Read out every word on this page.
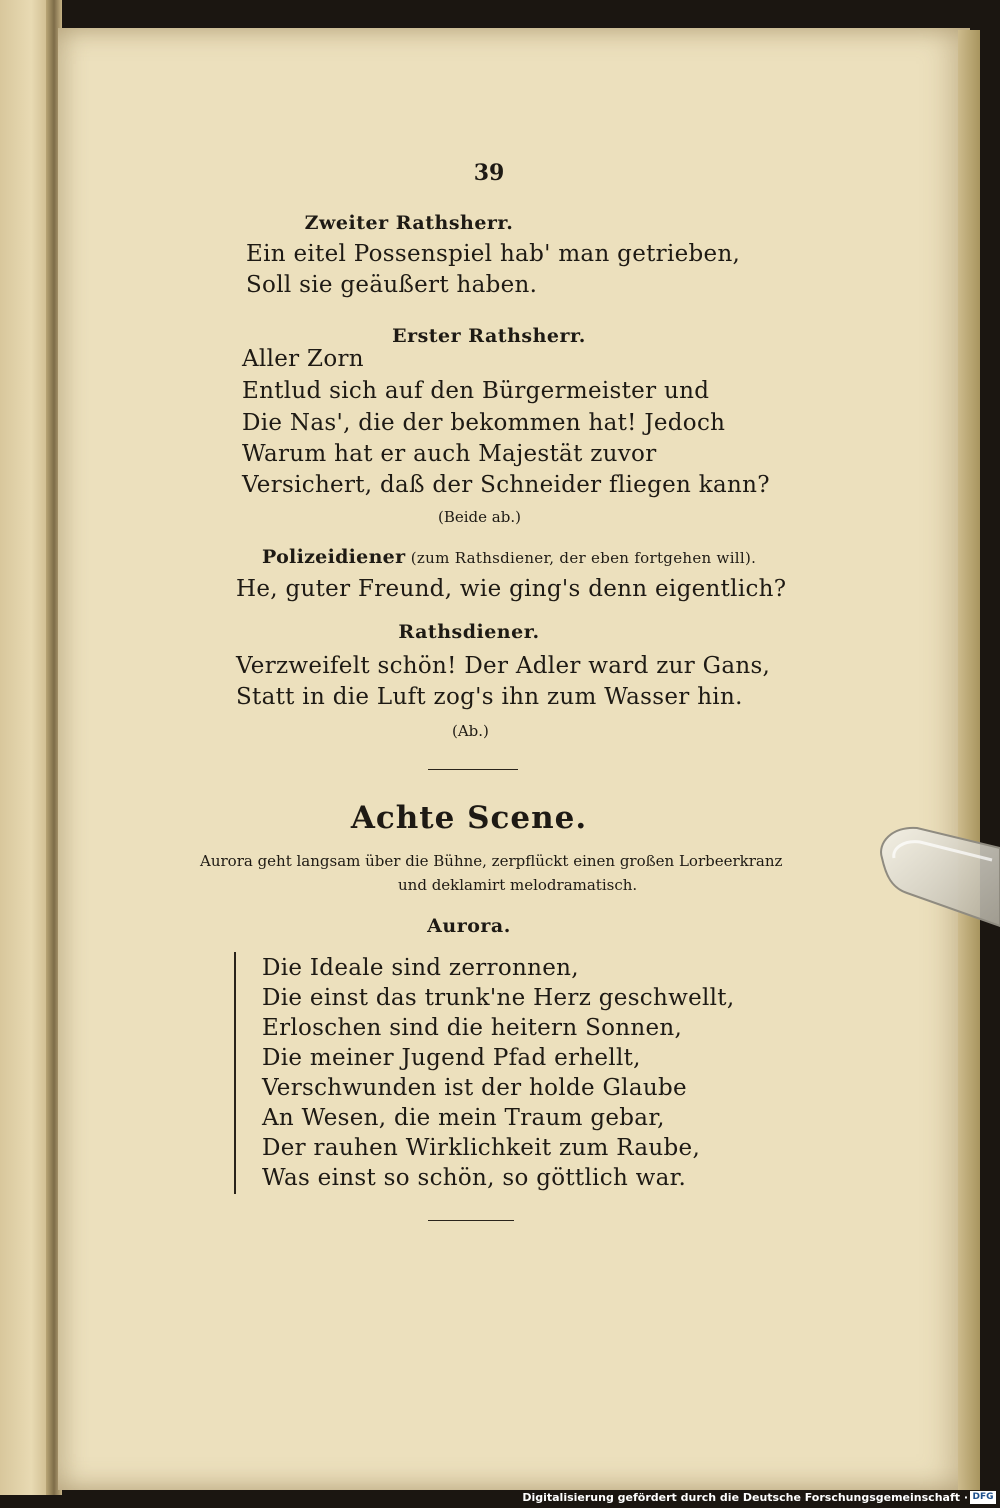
39
Zweiter Rathsherr.
Ein eitel Possenspiel hab' man getrieben,
Soll sie geäußert haben.
Erster Rathsherr.
Aller Zorn
Entlud sich auf den Bürgermeister und
Die Nas', die der bekommen hat! Jedoch
Warum hat er auch Majestät zuvor
Versichert, daß der Schneider fliegen kann?
(Beide ab.)
Polizeidiener (zum Rathsdiener, der eben fortgehen will).
He, guter Freund, wie ging's denn eigentlich?
Rathsdiener.
Verzweifelt schön! Der Adler ward zur Gans,
Statt in die Luft zog's ihn zum Wasser hin.
(Ab.)
Achte Scene.
Aurora geht langsam über die Bühne, zerpflückt einen großen Lorbeerkranz
und deklamirt melodramatisch.
Aurora.
Die Ideale sind zerronnen,
Die einst das trunk'ne Herz geschwellt,
Erloschen sind die heitern Sonnen,
Die meiner Jugend Pfad erhellt,
Verschwunden ist der holde Glaube
An Wesen, die mein Traum gebar,
Der rauhen Wirklichkeit zum Raube,
Was einst so schön, so göttlich war.
Digitalisierung gefördert durch die Deutsche Forschungsgemeinschaft · DFG
